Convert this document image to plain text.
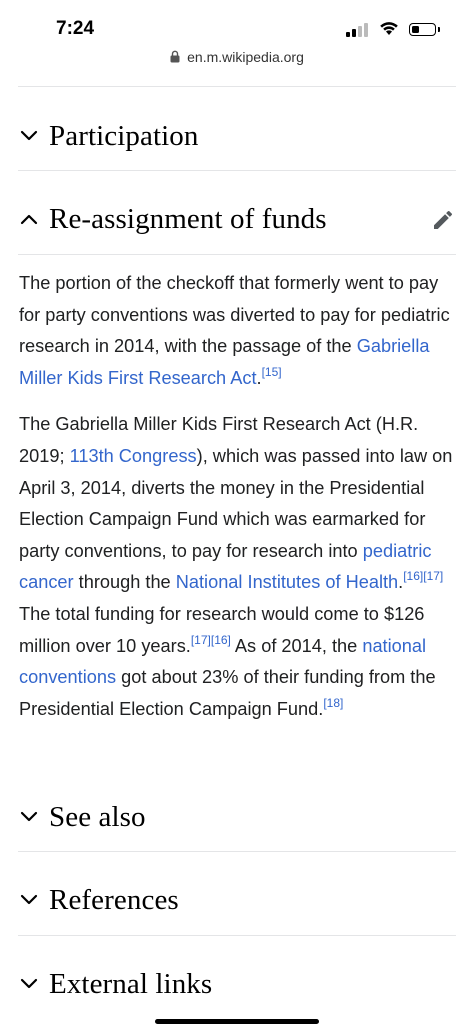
7:24
en.m.wikipedia.org
Participation
Re-assignment of funds

The portion of the checkoff that formerly went to pay for party conventions was diverted to pay for pediatric research in 2014, with the passage of the Gabriella Miller Kids First Research Act.[15]

The Gabriella Miller Kids First Research Act (H.R. 2019; 113th Congress), which was passed into law on April 3, 2014, diverts the money in the Presidential Election Campaign Fund which was earmarked for party conventions, to pay for research into pediatric cancer through the National Institutes of Health.[16][17] The total funding for research would come to $126 million over 10 years.[17][16] As of 2014, the national conventions got about 23% of their funding from the Presidential Election Campaign Fund.[18]

See also
References
External links
